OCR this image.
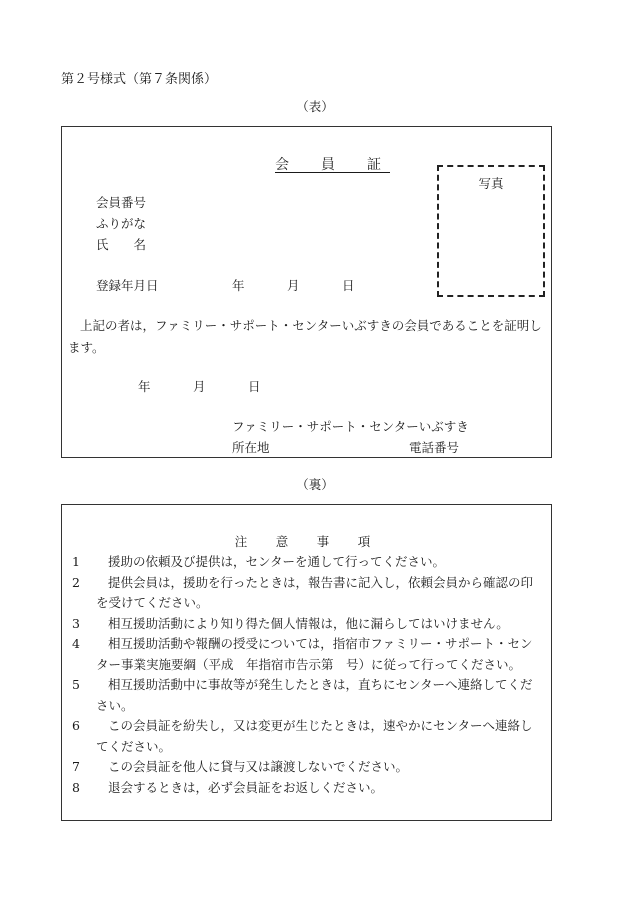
第２号様式（第７条関係）
（表）
会　員　証
写真
会員番号
ふりがな
氏　　名
登録年月日	年	月	日
上記の者は，ファミリー・サポート・センターいぶすきの会員であることを証明します。
年	月	日
ファミリー・サポート・センターいぶすき
所在地	電話番号
（裏）
注　意　事　項
1	援助の依頼及び提供は，センターを通して行ってください。
2	提供会員は，援助を行ったときは，報告書に記入し，依頼会員から確認の印を受けてください。
3	相互援助活動により知り得た個人情報は，他に漏らしてはいけません。
4	相互援助活動や報酬の授受については，指宿市ファミリー・サポート・センター事業実施要綱（平成　年指宿市告示第　号）に従って行ってください。
5	相互援助活動中に事故等が発生したときは，直ちにセンターへ連絡してください。
6	この会員証を紛失し，又は変更が生じたときは，速やかにセンターへ連絡してください。
7	この会員証を他人に貸与又は譲渡しないでください。
8	退会するときは，必ず会員証をお返しください。
